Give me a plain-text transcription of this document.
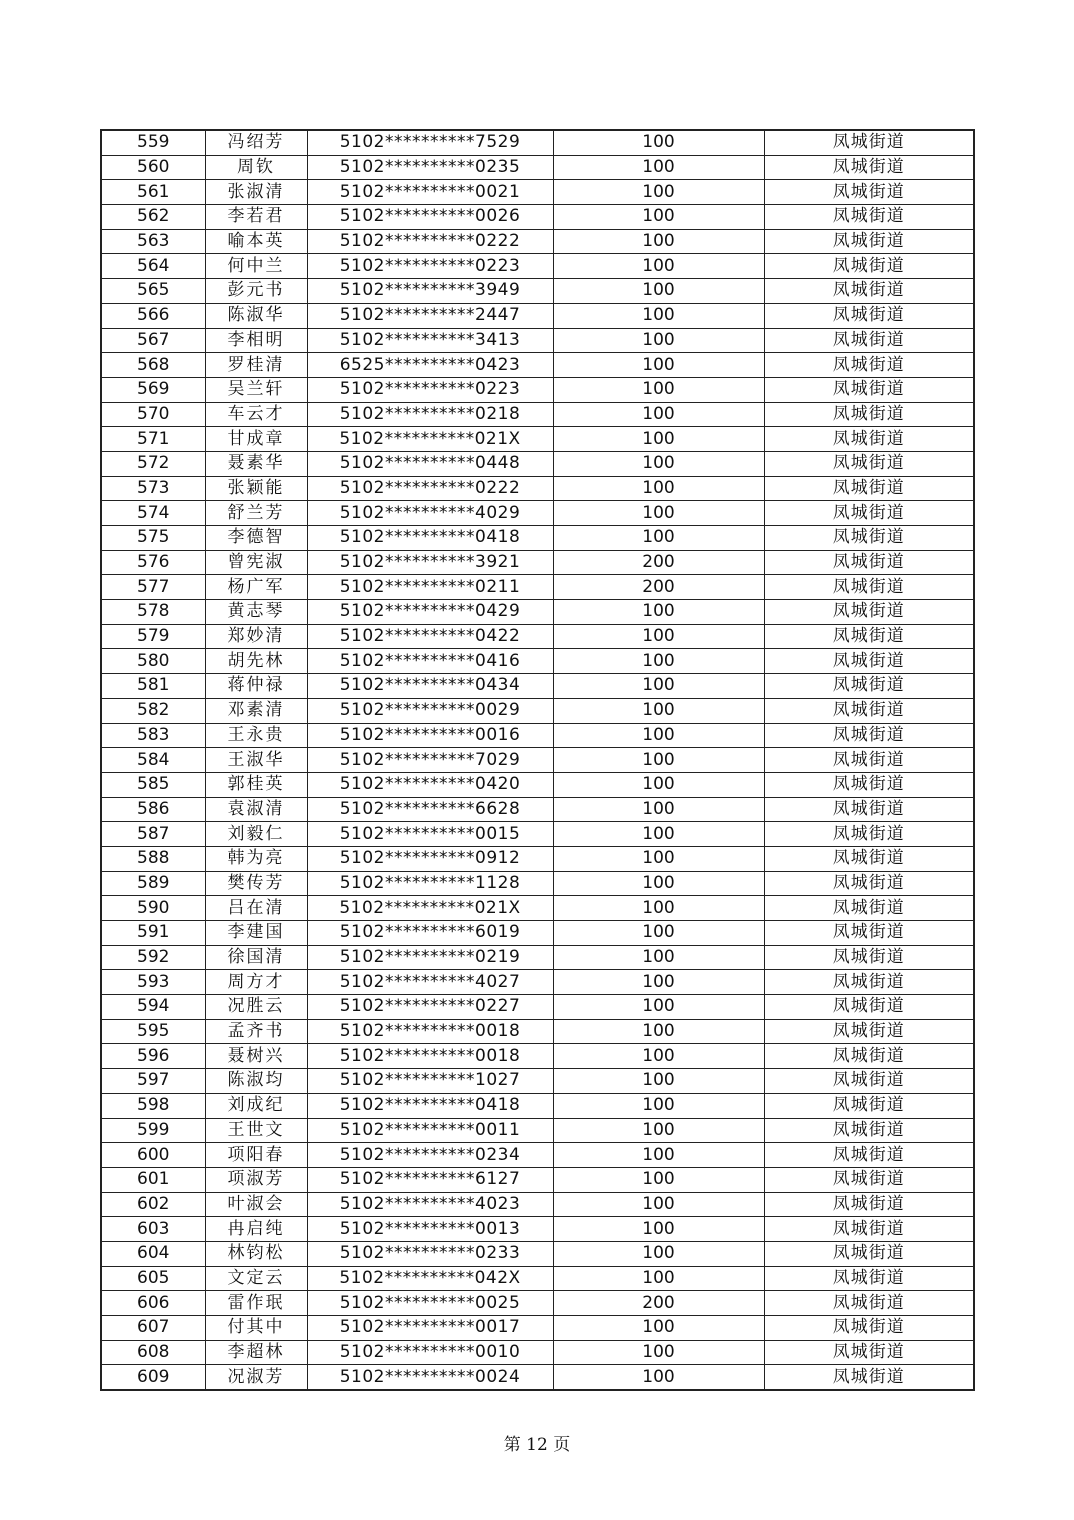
559	冯绍芳	5102**********7529	100	凤城街道
560	周钦	5102**********0235	100	凤城街道
561	张淑清	5102**********0021	100	凤城街道
562	李若君	5102**********0026	100	凤城街道
563	喻本英	5102**********0222	100	凤城街道
564	何中兰	5102**********0223	100	凤城街道
565	彭元书	5102**********3949	100	凤城街道
566	陈淑华	5102**********2447	100	凤城街道
567	李相明	5102**********3413	100	凤城街道
568	罗桂清	6525**********0423	100	凤城街道
569	吴兰轩	5102**********0223	100	凤城街道
570	车云才	5102**********0218	100	凤城街道
571	甘成章	5102**********021X	100	凤城街道
572	聂素华	5102**********0448	100	凤城街道
573	张颖能	5102**********0222	100	凤城街道
574	舒兰芳	5102**********4029	100	凤城街道
575	李德智	5102**********0418	100	凤城街道
576	曾宪淑	5102**********3921	200	凤城街道
577	杨广军	5102**********0211	200	凤城街道
578	黄志琴	5102**********0429	100	凤城街道
579	郑妙清	5102**********0422	100	凤城街道
580	胡先林	5102**********0416	100	凤城街道
581	蒋仲禄	5102**********0434	100	凤城街道
582	邓素清	5102**********0029	100	凤城街道
583	王永贵	5102**********0016	100	凤城街道
584	王淑华	5102**********7029	100	凤城街道
585	郭桂英	5102**********0420	100	凤城街道
586	袁淑清	5102**********6628	100	凤城街道
587	刘毅仁	5102**********0015	100	凤城街道
588	韩为亮	5102**********0912	100	凤城街道
589	樊传芳	5102**********1128	100	凤城街道
590	吕在清	5102**********021X	100	凤城街道
591	李建国	5102**********6019	100	凤城街道
592	徐国清	5102**********0219	100	凤城街道
593	周方才	5102**********4027	100	凤城街道
594	况胜云	5102**********0227	100	凤城街道
595	孟齐书	5102**********0018	100	凤城街道
596	聂树兴	5102**********0018	100	凤城街道
597	陈淑均	5102**********1027	100	凤城街道
598	刘成纪	5102**********0418	100	凤城街道
599	王世文	5102**********0011	100	凤城街道
600	项阳春	5102**********0234	100	凤城街道
601	项淑芳	5102**********6127	100	凤城街道
602	叶淑会	5102**********4023	100	凤城街道
603	冉启纯	5102**********0013	100	凤城街道
604	林钧松	5102**********0233	100	凤城街道
605	文定云	5102**********042X	100	凤城街道
606	雷作珉	5102**********0025	200	凤城街道
607	付其中	5102**********0017	100	凤城街道
608	李超林	5102**********0010	100	凤城街道
609	况淑芳	5102**********0024	100	凤城街道
第 12 页
